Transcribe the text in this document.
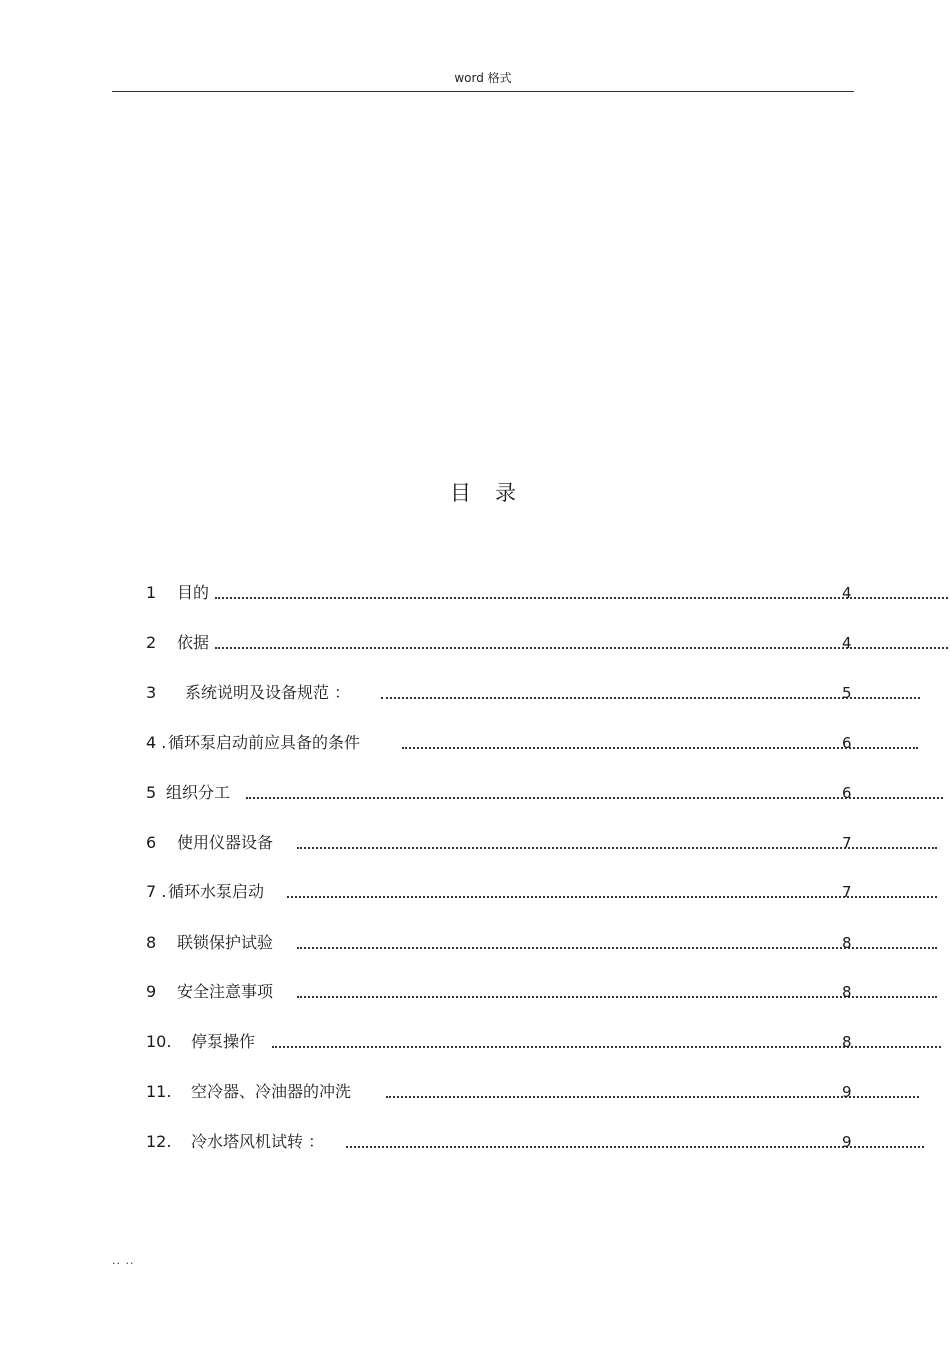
word 格式
目录
1 目的	4
2 依据	4
3 系统说明及设备规范 ：	5
4 . 循环泵启动前应具备的条件	6
5 组织分工	6
6 使用仪器设备	7
7 . 循环水泵启动	7
8 联锁保护试验	8
9 安全注意事项	8
10. 停泵操作	8
11. 空冷器、冷油器的冲洗	9
12. 冷水塔风机试转 ：	9
.. ..
